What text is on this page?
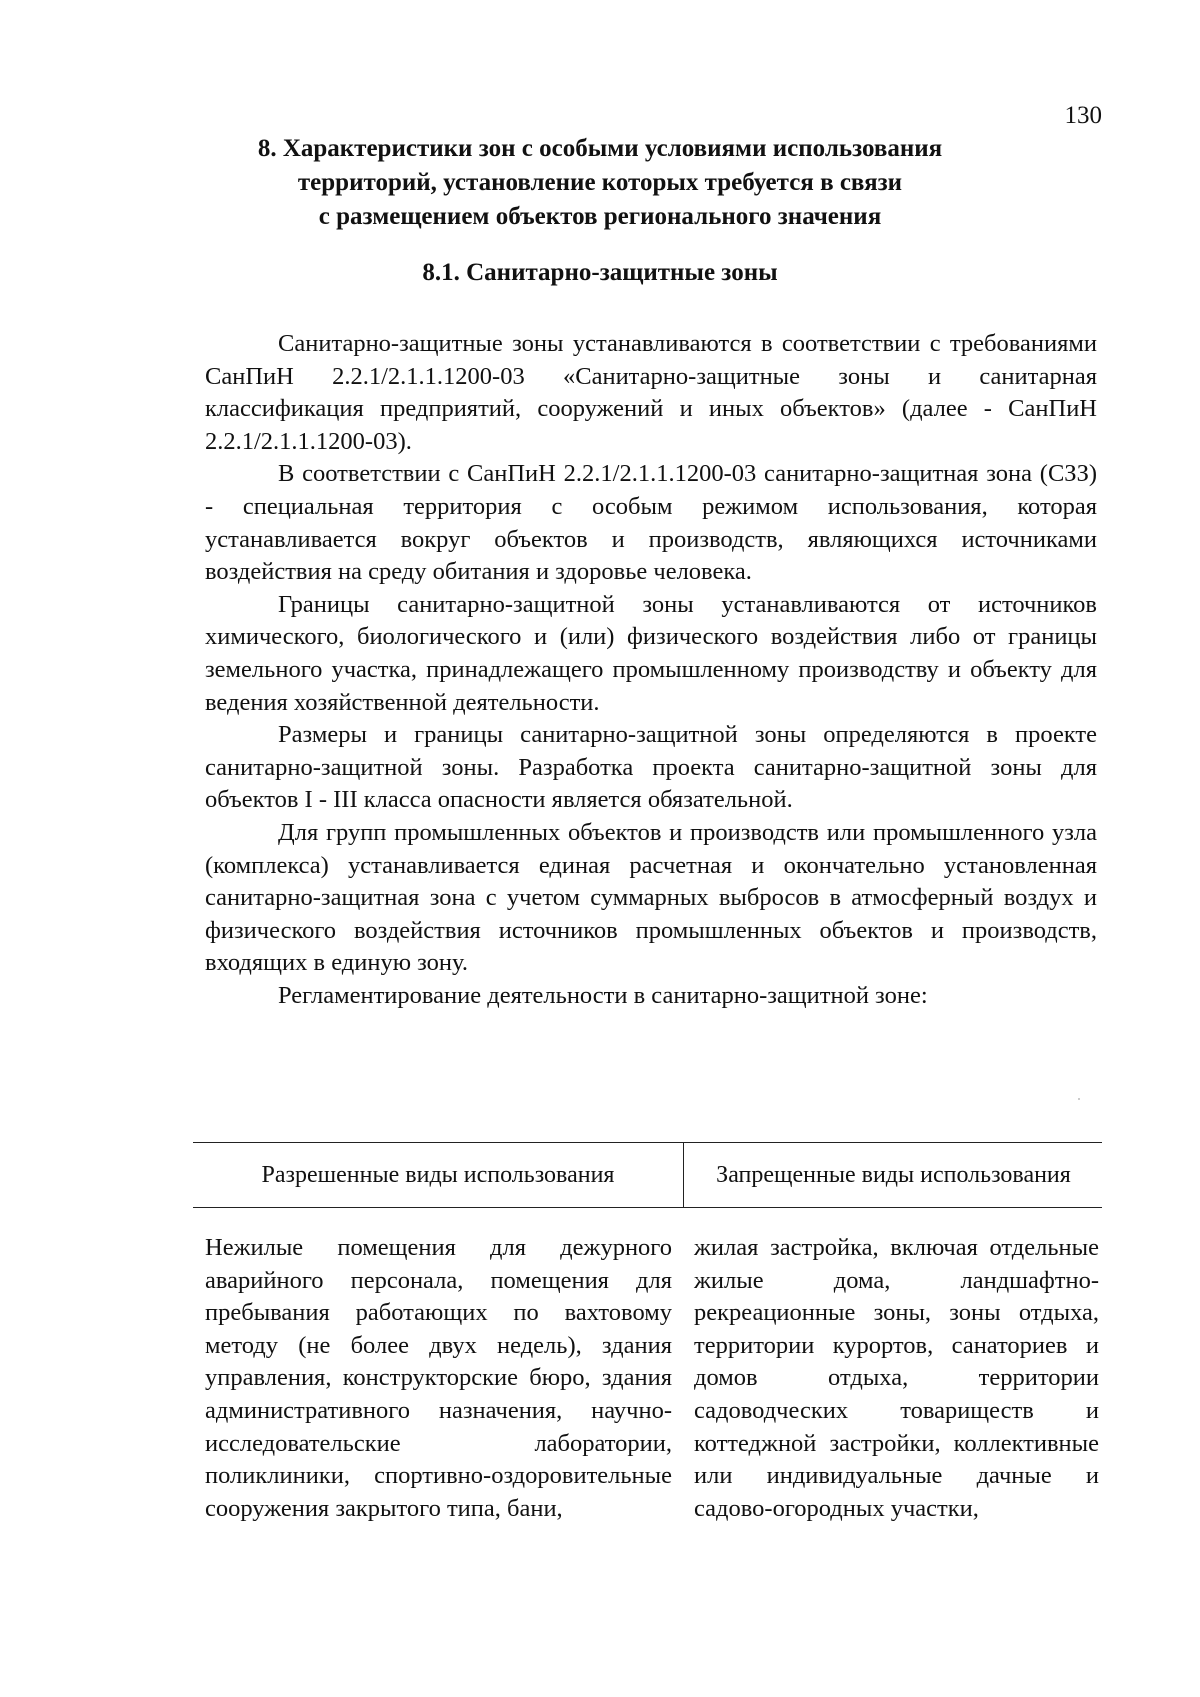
130
8. Характеристики зон с особыми условиями использования
территорий, установление которых требуется в связи
с размещением объектов регионального значения
8.1. Санитарно-защитные зоны

Санитарно-защитные зоны устанавливаются в соответствии с требованиями СанПиН 2.2.1/2.1.1.1200-03 «Санитарно-защитные зоны и санитарная классификация предприятий, сооружений и иных объектов» (далее - СанПиН 2.2.1/2.1.1.1200-03).

В соответствии с СанПиН 2.2.1/2.1.1.1200-03 санитарно-защитная зона (СЗЗ) - специальная территория с особым режимом использования, которая устанавливается вокруг объектов и производств, являющихся источниками воздействия на среду обитания и здоровье человека.

Границы санитарно-защитной зоны устанавливаются от источников химического, биологического и (или) физического воздействия либо от границы земельного участка, принадлежащего промышленному производству и объекту для ведения хозяйственной деятельности.

Размеры и границы санитарно-защитной зоны определяются в проекте санитарно-защитной зоны. Разработка проекта санитарно-защитной зоны для объектов I - III класса опасности является обязательной.

Для групп промышленных объектов и производств или промышленного узла (комплекса) устанавливается единая расчетная и окончательно установленная санитарно-защитная зона с учетом суммарных выбросов в атмосферный воздух и физического воздействия источников промышленных объектов и производств, входящих в единую зону.

Регламентирование деятельности в санитарно-защитной зоне:

Разрешенные виды использования	Запрещенные виды использования
Нежилые помещения для дежурного аварийного персонала, помещения для пребывания работающих по вахтовому методу (не более двух недель), здания управления, конструкторские бюро, здания административного назначения, научно-исследовательские лаборатории, поликлиники, спортивно-оздоровительные сооружения закрытого типа, бани,
жилая застройка, включая отдельные жилые дома, ландшафтно-рекреационные зоны, зоны отдыха, территории курортов, санаториев и домов отдыха, территории садоводческих товариществ и коттеджной застройки, коллективные или индивидуальные дачные и садово-огородных участки,
